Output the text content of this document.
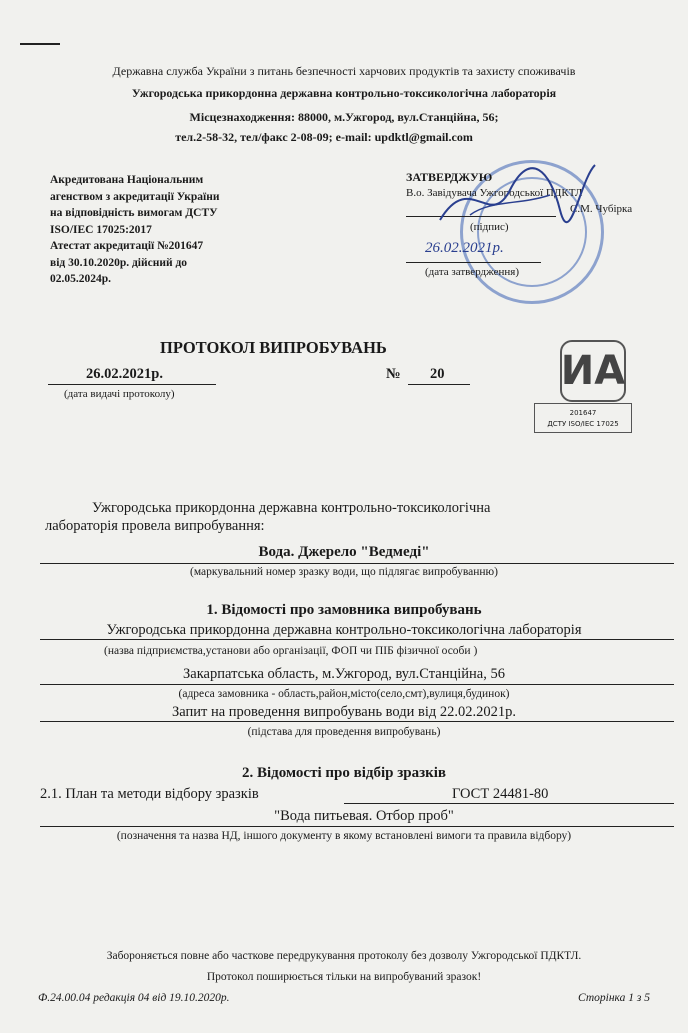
Державна служба України з питань безпечності харчових продуктів та захисту споживачів
Ужгородська прикордонна державна контрольно-токсикологічна лабораторія
Місцезнаходження: 88000, м.Ужгород, вул.Станційна, 56;
тел.2-58-32, тел/факс 2-08-09; e-mail: updktl@gmail.com
Акредитована Національним
агенством з акредитації України
на відповідність вимогам ДСТУ
ISO/IEC 17025:2017
Атестат акредитації №201647
від 30.10.2020р. дійсний до
02.05.2024р.
ЗАТВЕРДЖУЮ
В.о. Завідувача Ужгородської ПДКТЛ
С.М. Чубірка
(підпис)
26.02.2021р.
(дата затвердження)
ПРОТОКОЛ ВИПРОБУВАНЬ
26.02.2021р.
(дата видачі протоколу)
№ 20	ИА
201647
ДСТУ ISO/IEC 17025
Ужгородська прикордонна державна контрольно-токсикологічна
лабораторія провела випробування:
Вода. Джерело "Ведмеді"
(маркувальний номер зразку води, що підлягає випробуванню)
1. Відомості про замовника випробувань
Ужгородська прикордонна державна контрольно-токсикологічна лабораторія
(назва підприємства,установи або організації, ФОП чи ПІБ фізичної особи )
Закарпатська область, м.Ужгород, вул.Станційна, 56
(адреса замовника - область,район,місто(село,смт),вулиця,будинок)
Запит на проведення випробувань води від 22.02.2021р.
(підстава для проведення випробувань)
2. Відомості про відбір зразків
2.1. План та методи відбору зразків	ГОСТ 24481-80
"Вода питьевая. Отбор проб"
(позначення та назва НД, іншого документу в якому встановлені вимоги та правила відбору)
Забороняється повне або часткове передрукування протоколу без дозволу Ужгородської ПДКТЛ.
Протокол поширюється тільки на випробуваний зразок!
Ф.24.00.04 редакція 04 від 19.10.2020р.	Сторінка 1 з 5
